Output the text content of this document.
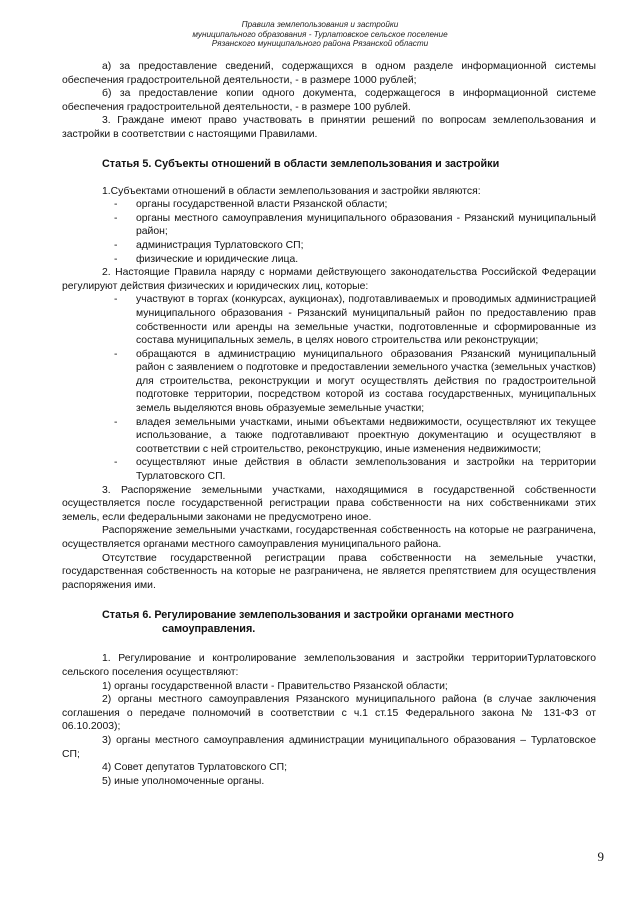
Правила землепользования и застройки
муниципального образования - Турлатовское сельское поселение
Рязанского муниципального района Рязанской области

а) за предоставление сведений, содержащихся в одном разделе информационной системы обеспечения градостроительной деятельности, - в размере 1000 рублей;

б) за предоставление копии одного документа, содержащегося в информационной системе обеспечения градостроительной деятельности, - в размере 100 рублей.

3. Граждане имеют право участвовать в принятии решений по вопросам землепользования и застройки в соответствии с настоящими Правилами.

Статья 5. Субъекты отношений в области землепользования и застройки

1.Субъектами отношений в области землепользования и застройки являются:

- органы государственной власти Рязанской области;
- органы местного самоуправления муниципального образования - Рязанский муниципальный район;
- администрация Турлатовского СП;
- физические и юридические лица.

2. Настоящие Правила наряду с нормами действующего законодательства Российской Федерации регулируют действия физических и юридических лиц, которые:

- участвуют в торгах (конкурсах, аукционах), подготавливаемых и проводимых администрацией муниципального образования - Рязанский муниципальный район по предоставлению прав собственности или аренды на земельные участки, подготовленные и сформированные из состава муниципальных земель, в целях нового строительства или реконструкции;
- обращаются в администрацию муниципального образования Рязанский муниципальный район с заявлением о подготовке и предоставлении земельного участка (земельных участков) для строительства, реконструкции и могут осуществлять действия по градостроительной подготовке территории, посредством которой из состава государственных, муниципальных земель выделяются вновь образуемые земельные участки;
- владея земельными участками, иными объектами недвижимости, осуществляют их текущее использование, а также подготавливают проектную документацию и осуществляют в соответствии с ней строительство, реконструкцию, иные изменения недвижимости;
- осуществляют иные действия в области землепользования и застройки на территории Турлатовского СП.

3. Распоряжение земельными участками, находящимися в государственной собственности осуществляется после государственной регистрации права собственности на них собственниками этих земель, если федеральными законами не предусмотрено иное.

Распоряжение земельными участками, государственная собственность на которые не разграничена, осуществляется органами местного самоуправления муниципального района.

Отсутствие государственной регистрации права собственности на земельные участки, государственная собственность на которые не разграничена, не является препятствием для осуществления распоряжения ими.

Статья 6. Регулирование землепользования и застройки органами местного
самоуправления.

1. Регулирование и контролирование землепользования и застройки территорииТурлатовского сельского поселения осуществляют:

1) органы государственной власти - Правительство Рязанской области;

2) органы местного самоуправления Рязанского муниципального района (в случае заключения соглашения о передаче полномочий в соответствии с ч.1 ст.15 Федерального закона № 131-ФЗ от 06.10.2003);

3) органы местного самоуправления администрации муниципального образования – Турлатовское СП;

4) Совет депутатов Турлатовского СП;

5) иные уполномоченные органы.

9
